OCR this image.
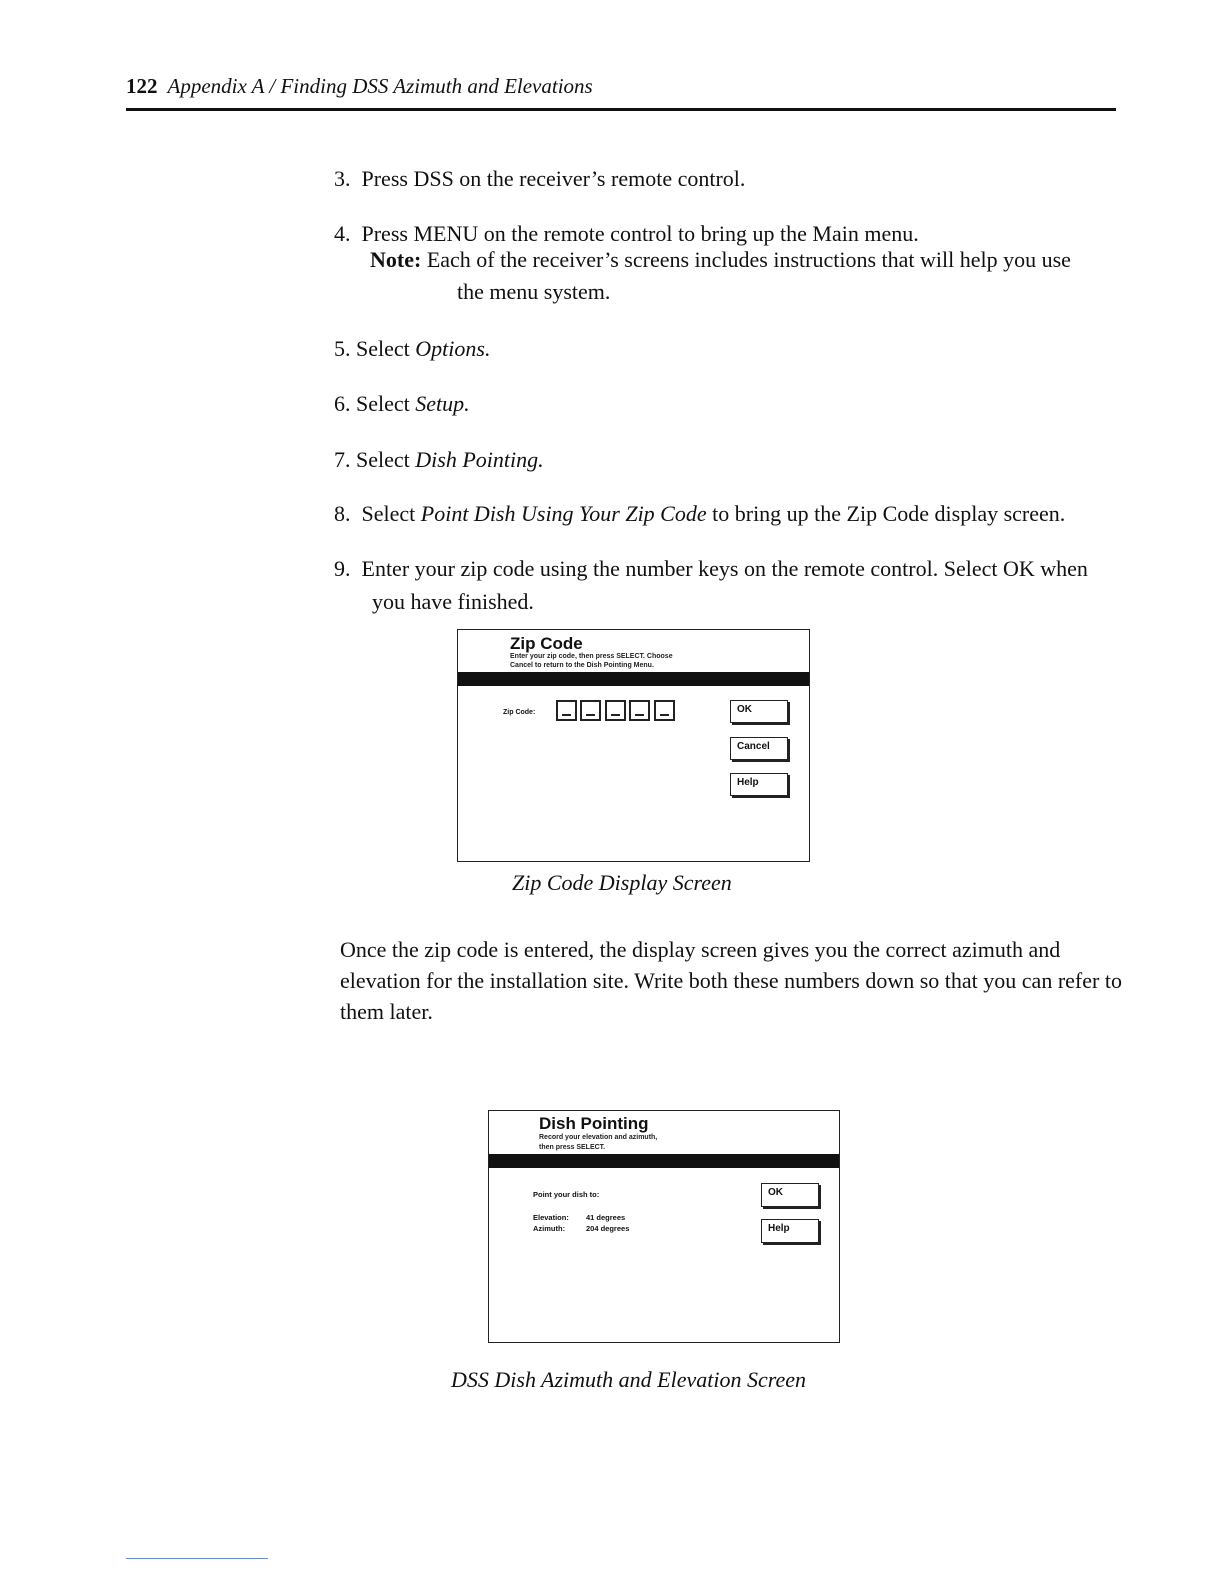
122 Appendix A / Finding DSS Azimuth and Elevations
3. Press DSS on the receiver’s remote control.
4. Press MENU on the remote control to bring up the Main menu.
Note: Each of the receiver’s screens includes instructions that will help you use
the menu system.
5. Select Options.
6. Select Setup.
7. Select Dish Pointing.
8. Select Point Dish Using Your Zip Code to bring up the Zip Code display screen.
9. Enter your zip code using the number keys on the remote control. Select OK when
you have finished.
Zip Code
Enter your zip code, then press SELECT. Choose
Cancel to return to the Dish Pointing Menu.
Zip Code:	OK
Cancel
Help
Zip Code Display Screen
Once the zip code is entered, the display screen gives you the correct azimuth and elevation for the installation site. Write both these numbers down so that you can refer to them later.
Dish Pointing
Record your elevation and azimuth,
then press SELECT.
Point your dish to:
Elevation: 41 degrees
Azimuth:	204 degrees
OK
Help
DSS Dish Azimuth and Elevation Screen
